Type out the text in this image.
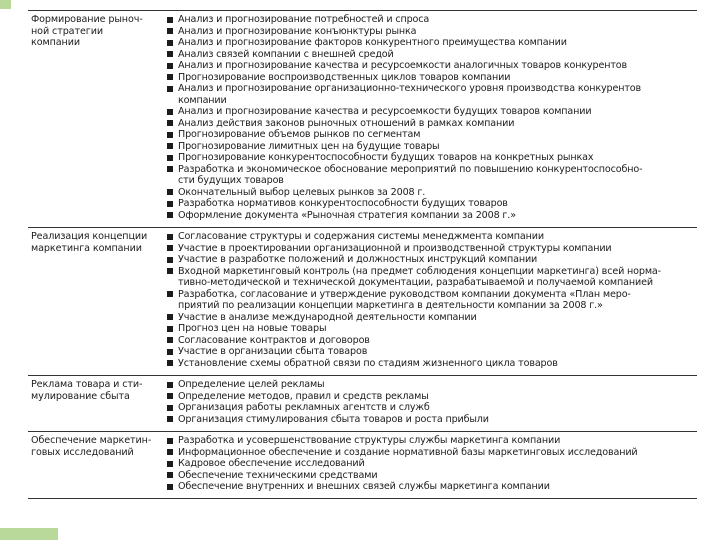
Формирование рыноч-
ной стратегии
компании
Анализ и прогнозирование потребностей и спроса
Анализ и прогнозирование конъюнктуры рынка
Анализ и прогнозирование факторов конкурентного преимущества компании
Анализ связей компании с внешней средой
Анализ и прогнозирование качества и ресурсоемкости аналогичных товаров конкурентов
Прогнозирование воспроизводственных циклов товаров компании
Анализ и прогнозирование организационно-технического уровня производства конкурентов
компании
Анализ и прогнозирование качества и ресурсоемкости будущих товаров компании
Анализ действия законов рыночных отношений в рамках компании
Прогнозирование объемов рынков по сегментам
Прогнозирование лимитных цен на будущие товары
Прогнозирование конкурентоспособности будущих товаров на конкретных рынках
Разработка и экономическое обоснование мероприятий по повышению конкурентоспособно-
сти будущих товаров
Окончательный выбор целевых рынков за 2008 г.
Разработка нормативов конкурентоспособности будущих товаров
Оформление документа «Рыночная стратегия компании за 2008 г.»
Реализация концепции
маркетинга компании
Согласование структуры и содержания системы менеджмента компании
Участие в проектировании организационной и производственной структуры компании
Участие в разработке положений и должностных инструкций компании
Входной маркетинговый контроль (на предмет соблюдения концепции маркетинга) всей норма-
тивно-методической и технической документации, разрабатываемой и получаемой компанией
Разработка, согласование и утверждение руководством компании документа «План меро-
приятий по реализации концепции маркетинга в деятельности компании за 2008 г.»
Участие в анализе международной деятельности компании
Прогноз цен на новые товары
Согласование контрактов и договоров
Участие в организации сбыта товаров
Установление схемы обратной связи по стадиям жизненного цикла товаров
Реклама товара и сти-
мулирование сбыта
Определение целей рекламы
Определение методов, правил и средств рекламы
Организация работы рекламных агентств и служб
Организация стимулирования сбыта товаров и роста прибыли
Обеспечение маркетин-
говых исследований
Разработка и усовершенствование структуры службы маркетинга компании
Информационное обеспечение и создание нормативной базы маркетинговых исследований
Кадровое обеспечение исследований
Обеспечение техническими средствами
Обеспечение внутренних и внешних связей службы маркетинга компании
